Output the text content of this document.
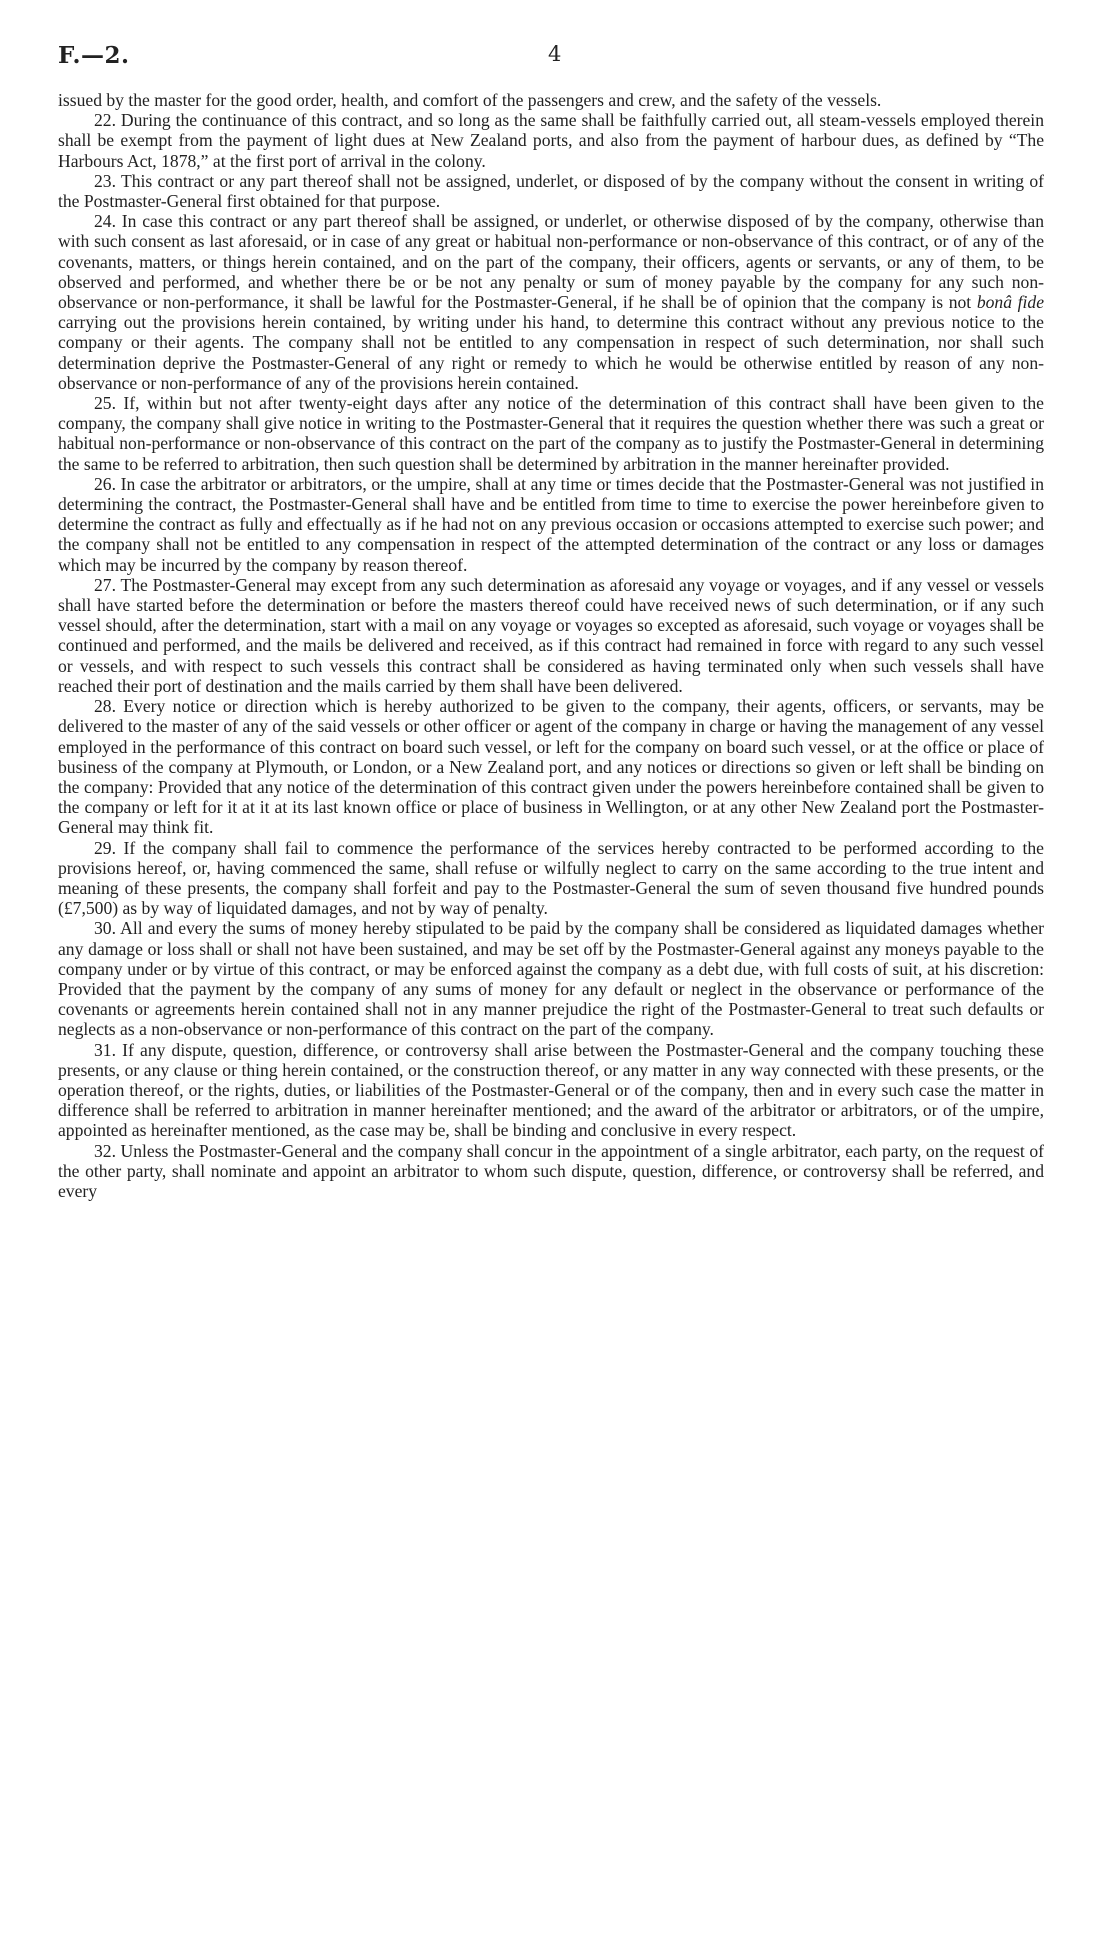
F.—2.	4

issued by the master for the good order, health, and comfort of the passengers and crew, and the safety of the vessels.

22. During the continuance of this contract, and so long as the same shall be faithfully carried out, all steam-vessels employed therein shall be exempt from the payment of light dues at New Zealand ports, and also from the payment of harbour dues, as defined by “The Harbours Act, 1878,” at the first port of arrival in the colony.

23. This contract or any part thereof shall not be assigned, underlet, or disposed of by the company without the consent in writing of the Postmaster-General first obtained for that purpose.

24. In case this contract or any part thereof shall be assigned, or underlet, or otherwise disposed of by the company, otherwise than with such consent as last aforesaid, or in case of any great or habitual non-performance or non-observance of this contract, or of any of the covenants, matters, or things herein contained, and on the part of the company, their officers, agents or servants, or any of them, to be observed and performed, and whether there be or be not any penalty or sum of money payable by the company for any such non-observance or non-performance, it shall be lawful for the Postmaster-General, if he shall be of opinion that the company is not bonâ fide carrying out the provisions herein contained, by writing under his hand, to determine this contract without any previous notice to the company or their agents. The company shall not be entitled to any compensation in respect of such determination, nor shall such determination deprive the Postmaster-General of any right or remedy to which he would be otherwise entitled by reason of any non-observance or non-performance of any of the provisions herein contained.

25. If, within but not after twenty-eight days after any notice of the determination of this contract shall have been given to the company, the company shall give notice in writing to the Postmaster-General that it requires the question whether there was such a great or habitual non-performance or non-observance of this contract on the part of the company as to justify the Postmaster-General in determining the same to be referred to arbitration, then such question shall be determined by arbitration in the manner hereinafter provided.

26. In case the arbitrator or arbitrators, or the umpire, shall at any time or times decide that the Postmaster-General was not justified in determining the contract, the Postmaster-General shall have and be entitled from time to time to exercise the power hereinbefore given to determine the contract as fully and effectually as if he had not on any previous occasion or occasions attempted to exercise such power; and the company shall not be entitled to any compensation in respect of the attempted determination of the contract or any loss or damages which may be incurred by the company by reason thereof.

27. The Postmaster-General may except from any such determination as aforesaid any voyage or voyages, and if any vessel or vessels shall have started before the determination or before the masters thereof could have received news of such determination, or if any such vessel should, after the determination, start with a mail on any voyage or voyages so excepted as aforesaid, such voyage or voyages shall be continued and performed, and the mails be delivered and received, as if this contract had remained in force with regard to any such vessel or vessels, and with respect to such vessels this contract shall be considered as having terminated only when such vessels shall have reached their port of destination and the mails carried by them shall have been delivered.

28. Every notice or direction which is hereby authorized to be given to the company, their agents, officers, or servants, may be delivered to the master of any of the said vessels or other officer or agent of the company in charge or having the management of any vessel employed in the performance of this contract on board such vessel, or left for the company on board such vessel, or at the office or place of business of the company at Plymouth, or London, or a New Zealand port, and any notices or directions so given or left shall be binding on the company: Provided that any notice of the determination of this contract given under the powers hereinbefore contained shall be given to the company or left for it at it at its last known office or place of business in Wellington, or at any other New Zealand port the Postmaster-General may think fit.

29. If the company shall fail to commence the performance of the services hereby contracted to be performed according to the provisions hereof, or, having commenced the same, shall refuse or wilfully neglect to carry on the same according to the true intent and meaning of these presents, the company shall forfeit and pay to the Postmaster-General the sum of seven thousand five hundred pounds (£7,500) as by way of liquidated damages, and not by way of penalty.

30. All and every the sums of money hereby stipulated to be paid by the company shall be considered as liquidated damages whether any damage or loss shall or shall not have been sustained, and may be set off by the Postmaster-General against any moneys payable to the company under or by virtue of this contract, or may be enforced against the company as a debt due, with full costs of suit, at his discretion: Provided that the payment by the company of any sums of money for any default or neglect in the observance or performance of the covenants or agreements herein contained shall not in any manner prejudice the right of the Postmaster-General to treat such defaults or neglects as a non-observance or non-performance of this contract on the part of the company.

31. If any dispute, question, difference, or controversy shall arise between the Postmaster-General and the company touching these presents, or any clause or thing herein contained, or the construction thereof, or any matter in any way connected with these presents, or the operation thereof, or the rights, duties, or liabilities of the Postmaster-General or of the company, then and in every such case the matter in difference shall be referred to arbitration in manner hereinafter mentioned; and the award of the arbitrator or arbitrators, or of the umpire, appointed as hereinafter mentioned, as the case may be, shall be binding and conclusive in every respect.

32. Unless the Postmaster-General and the company shall concur in the appointment of a single arbitrator, each party, on the request of the other party, shall nominate and appoint an arbitrator to whom such dispute, question, difference, or controversy shall be referred, and every
